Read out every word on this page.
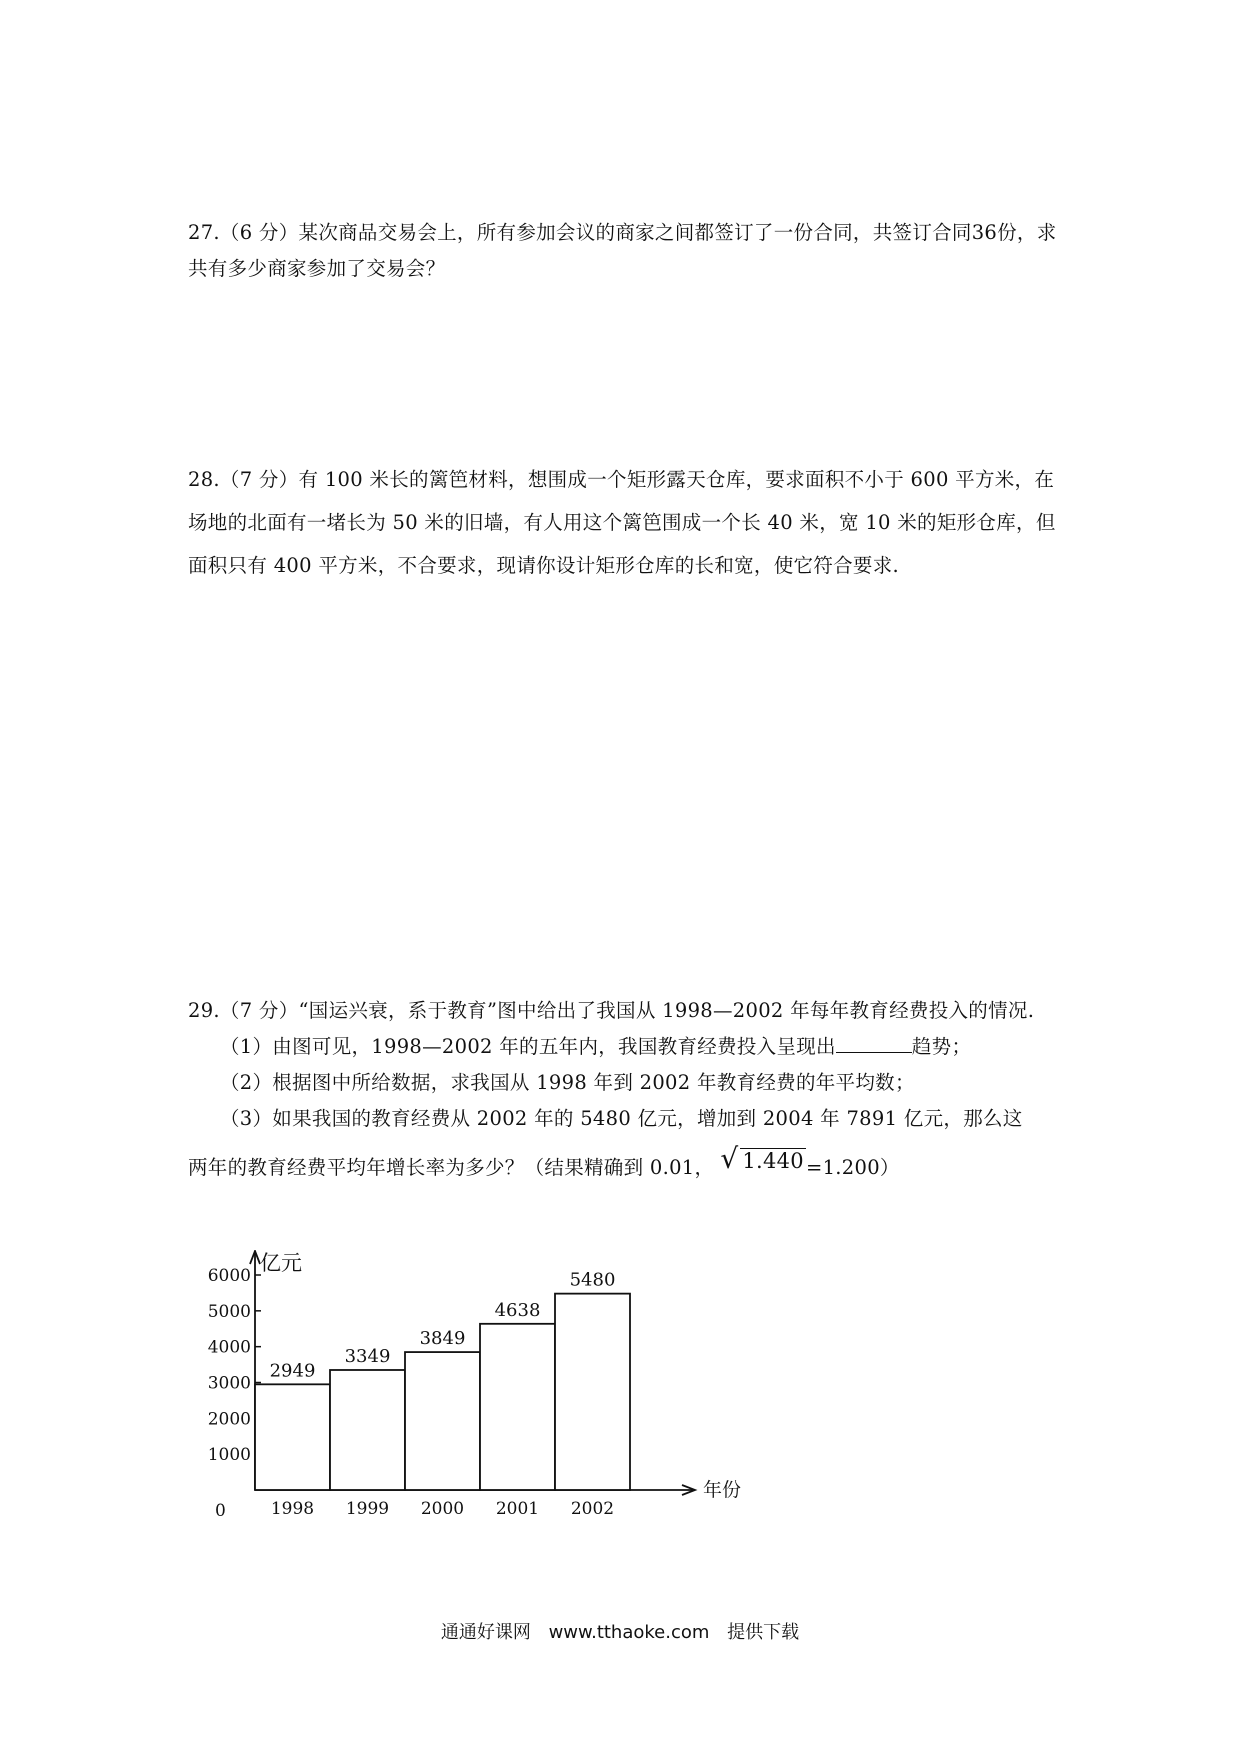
27.（6 分）某次商品交易会上，所有参加会议的商家之间都签订了一份合同，共签订合同36份，求共有多少商家参加了交易会？
28.（7 分）有 100 米长的篱笆材料，想围成一个矩形露天仓库，要求面积不小于 600 平方米，在场地的北面有一堵长为 50 米的旧墙，有人用这个篱笆围成一个长 40 米，宽 10 米的矩形仓库，但面积只有 400 平方米，不合要求，现请你设计矩形仓库的长和宽，使它符合要求.
29.（7 分）“国运兴衰，系于教育”图中给出了我国从 1998—2002 年每年教育经费投入的情况.
（1）由图可见，1998—2002 年的五年内，我国教育经费投入呈现出	趋势；
（2）根据图中所给数据，求我国从 1998 年到 2002 年教育经费的年平均数；
（3）如果我国的教育经费从 2002 年的 5480 亿元，增加到 2004 年 7891 亿元，那么这
两年的教育经费平均年增长率为多少？（结果精确到 0.01， √ 1.440 =1.200）
1000
2000
3000
4000
5000
6000
亿元
年份
0
2949
1998
3349
1999
3849
2000
4638
2001
5480
2002
通通好课网 www.tthaoke.com 提供下载
